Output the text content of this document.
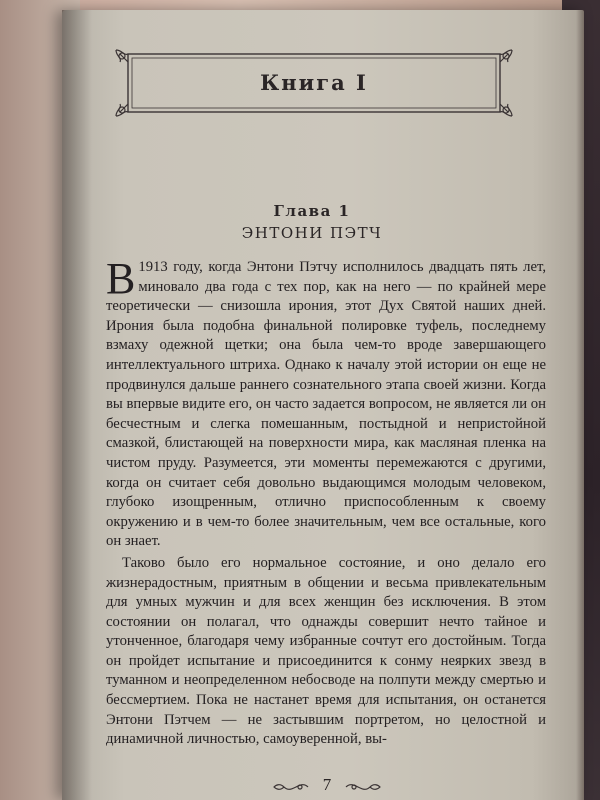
Книга I
Глава 1
ЭНТОНИ ПЭТЧ

В 1913 году, когда Энтони Пэтчу исполнилось двадцать пять лет, миновало два года с тех пор, как на него — по крайней мере теоретически — снизошла ирония, этот Дух Святой наших дней. Ирония была подобна финальной полировке туфель, последнему взмаху одежной щетки; она была чем-то вроде завершающего интеллектуального штриха. Однако к началу этой истории он еще не продвинулся дальше раннего сознательного этапа своей жизни. Когда вы впервые видите его, он часто задается вопросом, не является ли он бесчестным и слегка помешанным, постыдной и непристойной смазкой, блистающей на поверхности мира, как масляная пленка на чистом пруду. Разумеется, эти моменты перемежаются с другими, когда он считает себя довольно выдающимся молодым человеком, глубоко изощренным, отлично приспособленным к своему окружению и в чем-то более значительным, чем все остальные, кого он знает.

Таково было его нормальное состояние, и оно делало его жизнерадостным, приятным в общении и весьма привлекательным для умных мужчин и для всех женщин без исключения. В этом состоянии он полагал, что однажды совершит нечто тайное и утонченное, благодаря чему избранные сочтут его достойным. Тогда он пройдет испытание и присоединится к сонму неярких звезд в туманном и неопределенном небосводе на полпути между смертью и бессмертием. Пока не настанет время для испытания, он останется Энтони Пэтчем — не застывшим портретом, но целостной и динамичной личностью, самоуверенной, вы-

7
